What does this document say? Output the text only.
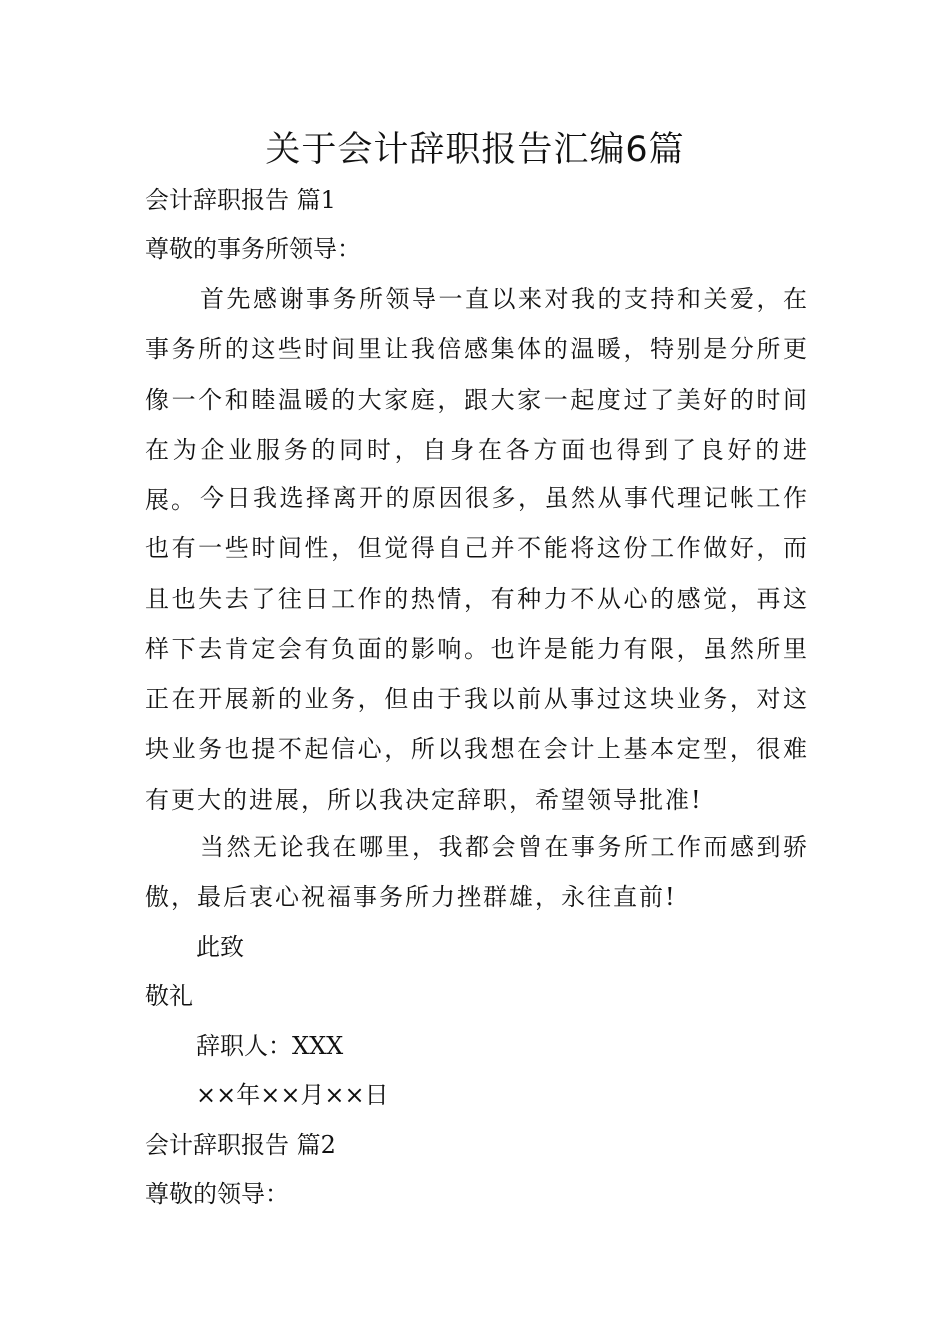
关于会计辞职报告汇编6篇
会计辞职报告 篇1
尊敬的事务所领导：
首先感谢事务所领导一直以来对我的支持和关爱，在事务所的这些时间里让我倍感集体的温暖，特别是分所更像一个和睦温暖的大家庭，跟大家一起度过了美好的时间在为企业服务的同时，自身在各方面也得到了良好的进展。 今日我选择离开的原因很多，虽然从事代理记帐工作也有一些时间性，但觉得自己并不能将这份工作做好，而且也失去了往日工作的热情，有种力不从心的感觉，再这样下去肯定会有负面的影响。也许是能力有限，虽然所里正在开展新的业务，但由于我以前从事过这块业务，对这块业务也提不起信心，所以我想在会计上基本定型，很难有更大的进展，所以我决定辞职，希望领导批准!
当然无论我在哪里，我都会曾在事务所工作而感到骄傲，最后衷心祝福事务所力挫群雄，永往直前!
此致
敬礼
辞职人：XXX
××年××月××日
会计辞职报告 篇2
尊敬的领导：
